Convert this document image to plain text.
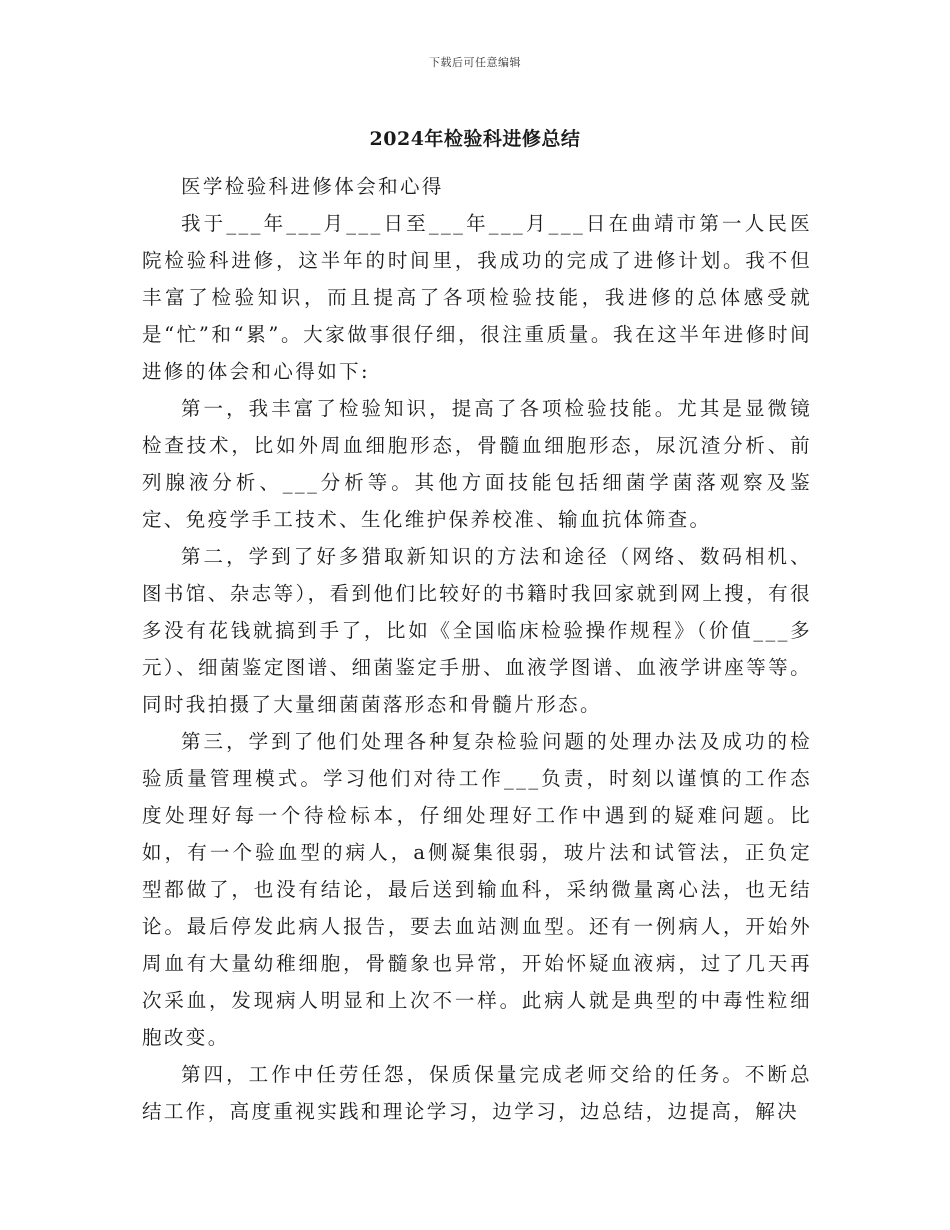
下载后可任意编辑
2024年检验科进修总结

医学检验科进修体会和心得

我于___年___月___日至___年___月___日在曲靖市第一人民医院检验科进修，这半年的时间里，我成功的完成了进修计划。我不但丰富了检验知识，而且提高了各项检验技能，我进修的总体感受就是“忙”和“累”。大家做事很仔细，很注重质量。我在这半年进修时间进修的体会和心得如下:

第一，我丰富了检验知识，提高了各项检验技能。尤其是显微镜检查技术，比如外周血细胞形态，骨髓血细胞形态，尿沉渣分析、前列腺液分析、___分析等。其他方面技能包括细菌学菌落观察及鉴定、免疫学手工技术、生化维护保养校准、输血抗体筛查。

第二，学到了好多猎取新知识的方法和途径（网络、数码相机、图书馆、杂志等），看到他们比较好的书籍时我回家就到网上搜，有很多没有花钱就搞到手了，比如《全国临床检验操作规程》（价值___多元）、细菌鉴定图谱、细菌鉴定手册、血液学图谱、血液学讲座等等。同时我拍摄了大量细菌菌落形态和骨髓片形态。

第三，学到了他们处理各种复杂检验问题的处理办法及成功的检验质量管理模式。学习他们对待工作___负责，时刻以谨慎的工作态度处理好每一个待检标本，仔细处理好工作中遇到的疑难问题。比如，有一个验血型的病人，a侧凝集很弱，玻片法和试管法，正负定型都做了，也没有结论，最后送到输血科，采纳微量离心法，也无结论。最后停发此病人报告，要去血站测血型。还有一例病人，开始外周血有大量幼稚细胞，骨髓象也异常，开始怀疑血液病，过了几天再次采血，发现病人明显和上次不一样。此病人就是典型的中毒性粒细胞改变。

第四，工作中任劳任怨，保质保量完成老师交给的任务。不断总结工作，高度重视实践和理论学习，边学习，边总结，边提高，解决
